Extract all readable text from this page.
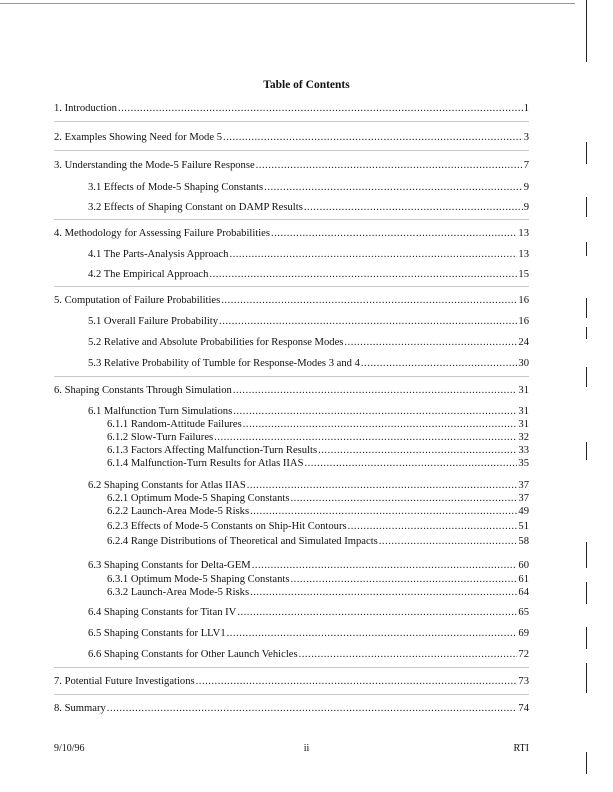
Table of Contents
1. Introduction .....	1
2. Examples Showing Need for Mode 5 .....	3
3. Understanding the Mode-5 Failure Response .....	7
3.1 Effects of Mode-5 Shaping Constants .....	9
3.2 Effects of Shaping Constant on DAMP Results .....	9
4. Methodology for Assessing Failure Probabilities .....	13
4.1 The Parts-Analysis Approach .....	13
4.2 The Empirical Approach .....	15
5. Computation of Failure Probabilities .....	16
5.1 Overall Failure Probability .....	16
5.2 Relative and Absolute Probabilities for Response Modes .....	24
5.3 Relative Probability of Tumble for Response-Modes 3 and 4 .....	30
6. Shaping Constants Through Simulation .....	31
6.1 Malfunction Turn Simulations .....	31
6.1.1 Random-Attitude Failures .....	31
6.1.2 Slow-Turn Failures .....	32
6.1.3 Factors Affecting Malfunction-Turn Results .....	33
6.1.4 Malfunction-Turn Results for Atlas IIAS .....	35
6.2 Shaping Constants for Atlas IIAS .....	37
6.2.1 Optimum Mode-5 Shaping Constants .....	37
6.2.2 Launch-Area Mode-5 Risks .....	49
6.2.3 Effects of Mode-5 Constants on Ship-Hit Contours .....	51
6.2.4 Range Distributions of Theoretical and Simulated Impacts .....	58
6.3 Shaping Constants for Delta-GEM .....	60
6.3.1 Optimum Mode-5 Shaping Constants .....	61
6.3.2 Launch-Area Mode-5 Risks .....	64
6.4 Shaping Constants for Titan IV .....	65
6.5 Shaping Constants for LLV1 .....	69
6.6 Shaping Constants for Other Launch Vehicles .....	72
7. Potential Future Investigations .....	73
8. Summary .....	74
9/10/96	ii	RTI
